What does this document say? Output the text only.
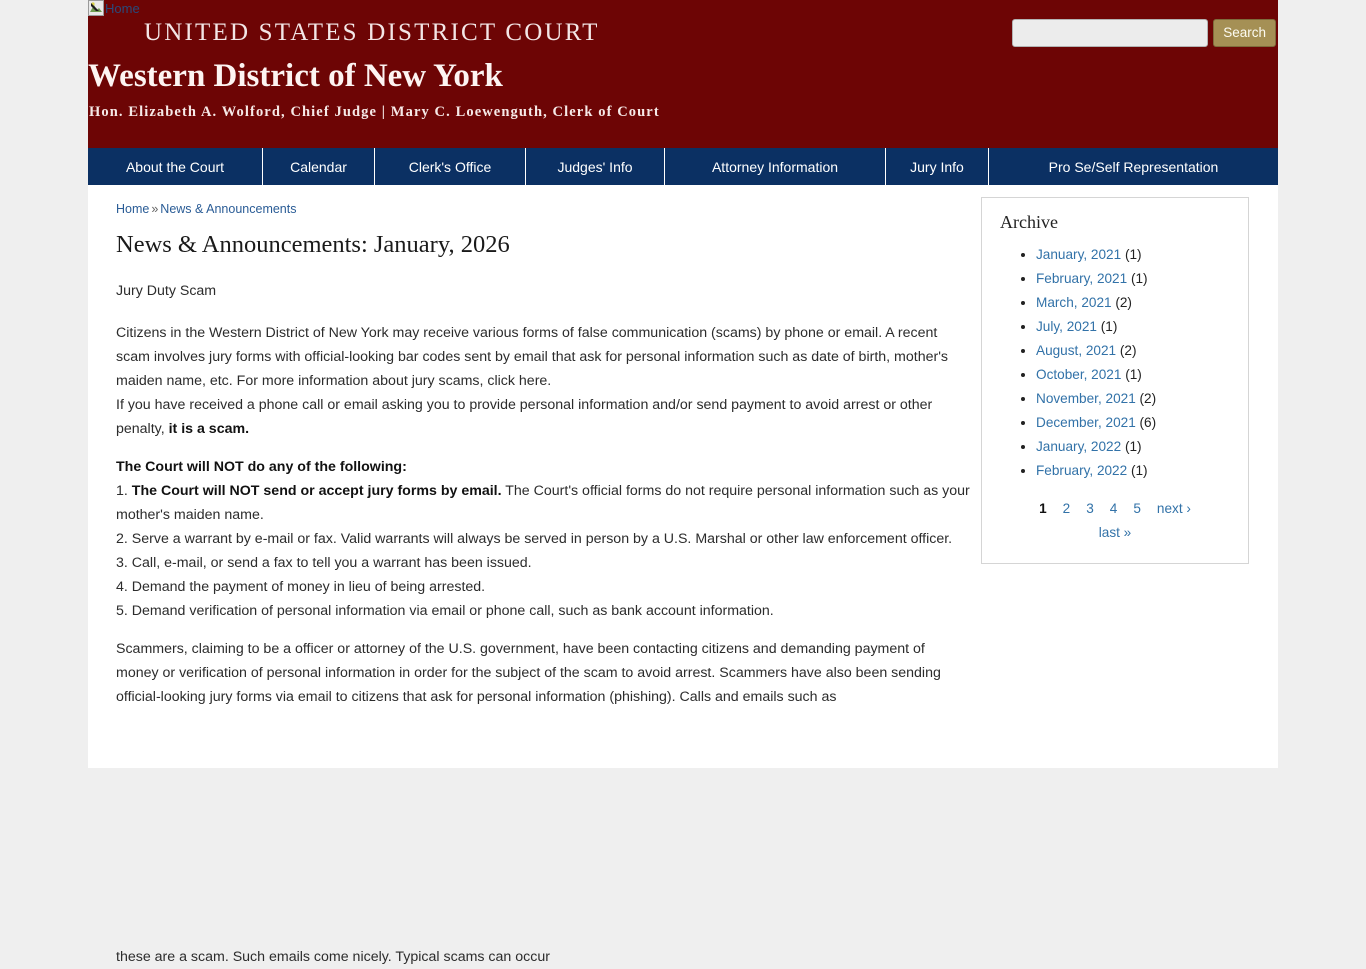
Home
UNITED STATES DISTRICT COURT
Western District of New York
Hon. Elizabeth A. Wolford, Chief Judge | Mary C. Loewenguth, Clerk of Court
Search
About the Court	Calendar	Clerk's Office	Judges' Info	Attorney Information	Jury Info	Pro Se/Self Representation
Home » News & Announcements
News & Announcements: January, 2026

Jury Duty Scam

Citizens in the Western District of New York may receive various forms of false communication (scams) by phone or email. A recent scam involves jury forms with official-looking bar codes sent by email that ask for personal information such as date of birth, mother's maiden name, etc. For more information about jury scams, click here.

If you have received a phone call or email asking you to provide personal information and/or send payment to avoid arrest or other penalty, it is a scam.

The Court will NOT do any of the following:
1. The Court will NOT send or accept jury forms by email. The Court's official forms do not require personal information such as your mother's maiden name.
2. Serve a warrant by e-mail or fax. Valid warrants will always be served in person by a U.S. Marshal or other law enforcement officer.
3. Call, e-mail, or send a fax to tell you a warrant has been issued.
4. Demand the payment of money in lieu of being arrested.
5. Demand verification of personal information via email or phone call, such as bank account information.

Scammers, claiming to be a officer or attorney of the U.S. government, have been contacting citizens and demanding payment of money or verification of personal information in order for the subject of the scam to avoid arrest. Scammers have also been sending official-looking jury forms via email to citizens that ask for personal information (phishing). Calls and emails such as

these are a scam. Such emails come nicely. Typical scams can occur
Archive
• January, 2021 (1)
• February, 2021 (1)
• March, 2021 (2)
• July, 2021 (1)
• August, 2021 (2)
• October, 2021 (1)
• November, 2021 (2)
• December, 2021 (6)
• January, 2022 (1)
• February, 2022 (1)
1 2 3 4 5 next ›
last »
